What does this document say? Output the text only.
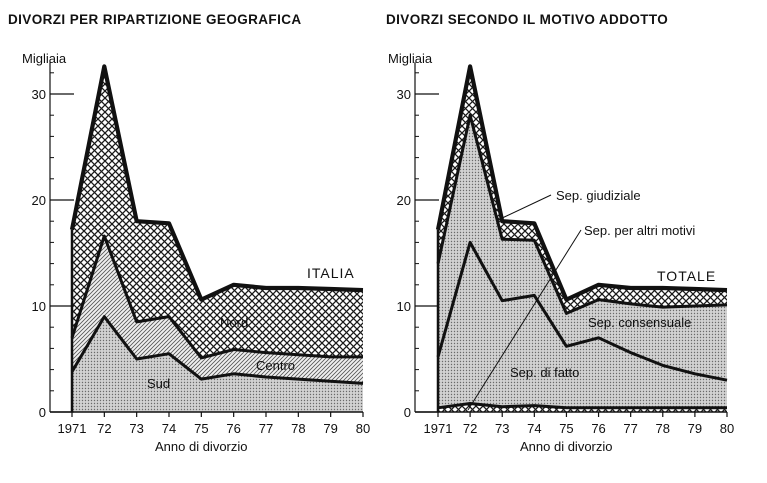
DIVORZI PER RIPARTIZIONE GEOGRAFICA
Migliaia
Anno di divorzio
0
10
20
30
1971 72 73 74 75 76 77 78 79 80
ITALIA
Nord
Centro
Sud
DIVORZI SECONDO IL MOTIVO ADDOTTO
Migliaia
Anno di divorzio
0
10
20
30
1971 72 73 74 75 76 77 78 79 80
TOTALE
Sep. giudiziale
Sep. per altri motivi
Sep. consensuale
Sep. di fatto
